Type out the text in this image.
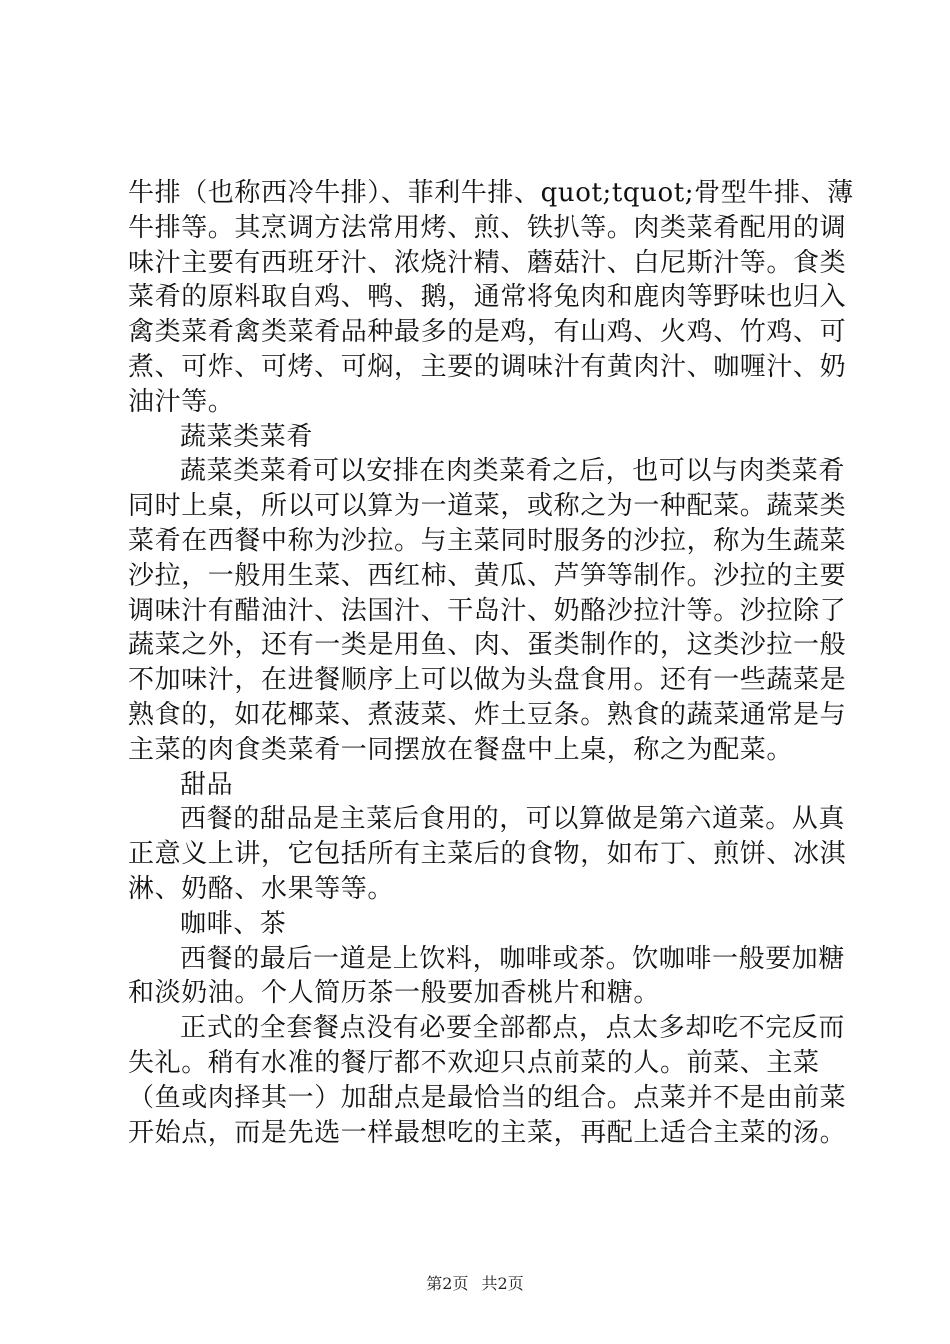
牛排（也称西冷牛排）、菲利牛排、quot;tquot;骨型牛排、薄
牛排等。其烹调方法常用烤、煎、铁扒等。肉类菜肴配用的调
味汁主要有西班牙汁、浓烧汁精、蘑菇汁、白尼斯汁等。食类
菜肴的原料取自鸡、鸭、鹅，通常将兔肉和鹿肉等野味也归入
禽类菜肴禽类菜肴品种最多的是鸡，有山鸡、火鸡、竹鸡、可
煮、可炸、可烤、可焖，主要的调味汁有黄肉汁、咖喱汁、奶
油汁等。
蔬菜类菜肴
蔬菜类菜肴可以安排在肉类菜肴之后，也可以与肉类菜肴
同时上桌，所以可以算为一道菜，或称之为一种配菜。蔬菜类
菜肴在西餐中称为沙拉。与主菜同时服务的沙拉，称为生蔬菜
沙拉，一般用生菜、西红柿、黄瓜、芦笋等制作。沙拉的主要
调味汁有醋油汁、法国汁、干岛汁、奶酪沙拉汁等。沙拉除了
蔬菜之外，还有一类是用鱼、肉、蛋类制作的，这类沙拉一般
不加味汁，在进餐顺序上可以做为头盘食用。还有一些蔬菜是
熟食的，如花椰菜、煮菠菜、炸土豆条。熟食的蔬菜通常是与
主菜的肉食类菜肴一同摆放在餐盘中上桌，称之为配菜。
甜品
西餐的甜品是主菜后食用的，可以算做是第六道菜。从真
正意义上讲，它包括所有主菜后的食物，如布丁、煎饼、冰淇
淋、奶酪、水果等等。
咖啡、茶
西餐的最后一道是上饮料，咖啡或茶。饮咖啡一般要加糖
和淡奶油。个人简历茶一般要加香桃片和糖。
正式的全套餐点没有必要全部都点，点太多却吃不完反而
失礼。稍有水准的餐厅都不欢迎只点前菜的人。前菜、主菜
（鱼或肉择其一）加甜点是最恰当的组合。点菜并不是由前菜
开始点，而是先选一样最想吃的主菜，再配上适合主菜的汤。
第2页 共2页
